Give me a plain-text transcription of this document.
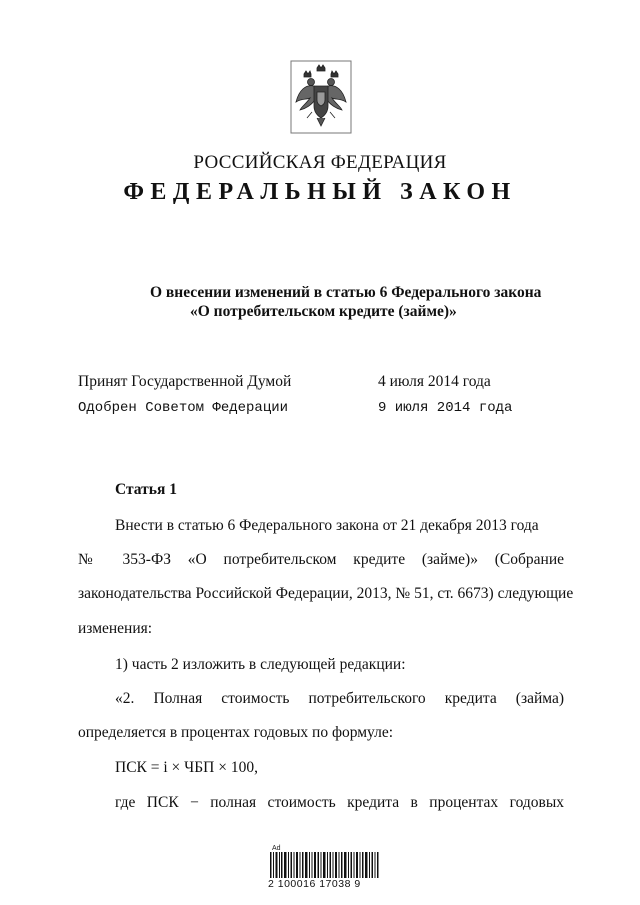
РОССИЙСКАЯ ФЕДЕРАЦИЯ
ФЕДЕРАЛЬНЫЙ ЗАКОН
О внесении изменений в статью 6 Федерального закона
«О потребительском кредите (займе)»
Принят Государственной Думой	4 июля 2014 года
Одобрен Советом Федерации	9 июля 2014 года
Статья 1
Внести в статью 6 Федерального закона от 21 декабря 2013 года
№ 353-ФЗ «О потребительском кредите (займе)» (Собрание
законодательства Российской Федерации, 2013, № 51, ст. 6673) следующие
изменения:
1) часть 2 изложить в следующей редакции:
«2. Полная стоимость потребительского кредита (займа)
определяется в процентах годовых по формуле:
ПСК = i × ЧБП × 100,
где ПСК − полная стоимость кредита в процентах годовых
Ad
2 100016 17038 9
